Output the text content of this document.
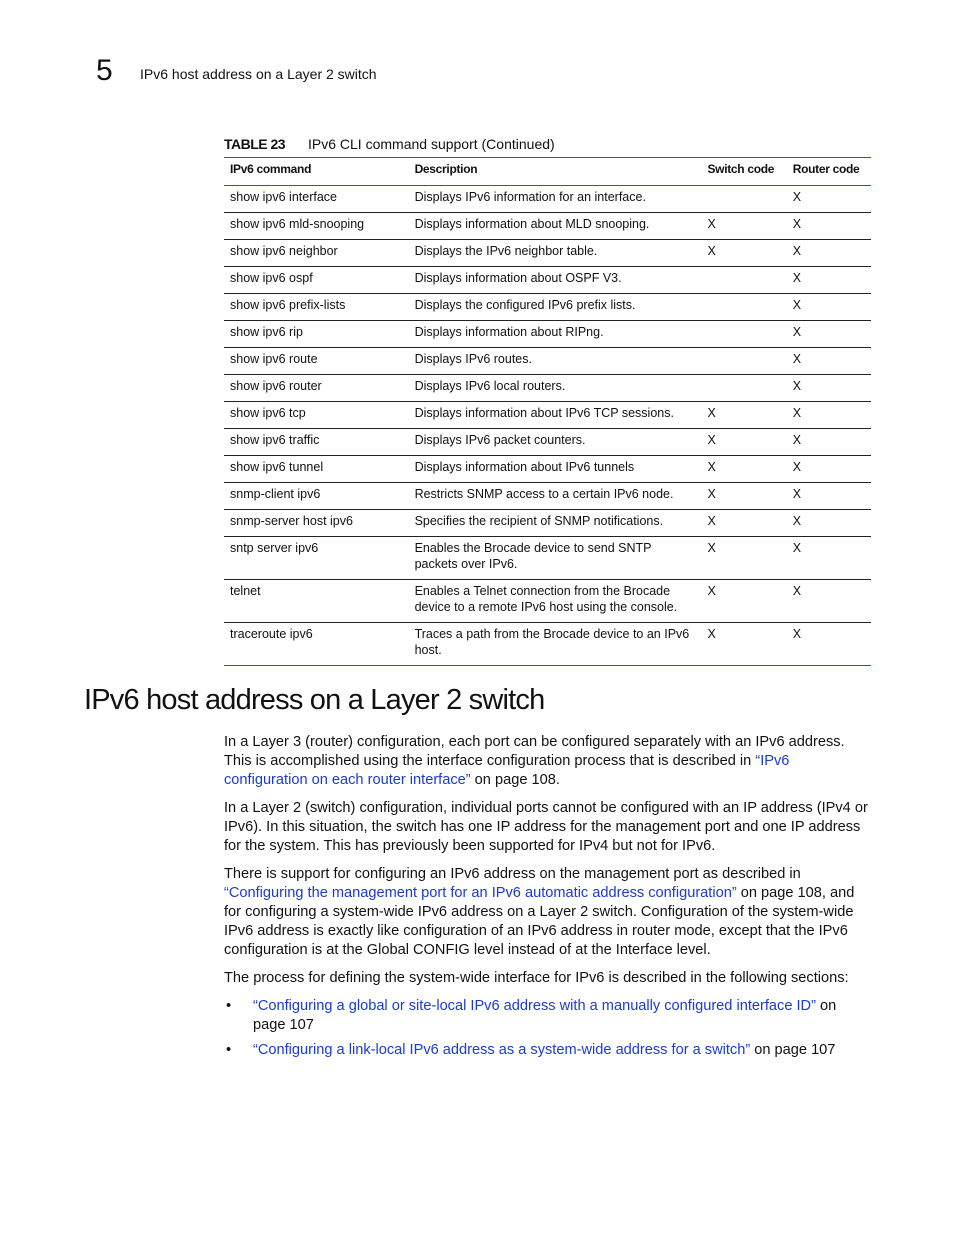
5 IPv6 host address on a Layer 2 switch
TABLE 23 IPv6 CLI command support (Continued)
IPv6 command	Description	Switch code	Router code
show ipv6 interface	Displays IPv6 information for an interface.		X
show ipv6 mld-snooping	Displays information about MLD snooping.	X	X
show ipv6 neighbor	Displays the IPv6 neighbor table.	X	X
show ipv6 ospf	Displays information about OSPF V3.		X
show ipv6 prefix-lists	Displays the configured IPv6 prefix lists.		X
show ipv6 rip	Displays information about RIPng.		X
show ipv6 route	Displays IPv6 routes.		X
show ipv6 router	Displays IPv6 local routers.		X
show ipv6 tcp	Displays information about IPv6 TCP sessions.	X	X
show ipv6 traffic	Displays IPv6 packet counters.	X	X
show ipv6 tunnel	Displays information about IPv6 tunnels	X	X
snmp-client ipv6	Restricts SNMP access to a certain IPv6 node.	X	X
snmp-server host ipv6	Specifies the recipient of SNMP notifications.	X	X
sntp server ipv6	Enables the Brocade device to send SNTP packets over IPv6.	X	X
telnet	Enables a Telnet connection from the Brocade device to a remote IPv6 host using the console.	X	X
traceroute ipv6	Traces a path from the Brocade device to an IPv6 host.	X	X
IPv6 host address on a Layer 2 switch

In a Layer 3 (router) configuration, each port can be configured separately with an IPv6 address. This is accomplished using the interface configuration process that is described in “IPv6 configuration on each router interface” on page 108.

In a Layer 2 (switch) configuration, individual ports cannot be configured with an IP address (IPv4 or IPv6). In this situation, the switch has one IP address for the management port and one IP address for the system. This has previously been supported for IPv4 but not for IPv6.

There is support for configuring an IPv6 address on the management port as described in “Configuring the management port for an IPv6 automatic address configuration” on page 108, and for configuring a system-wide IPv6 address on a Layer 2 switch. Configuration of the system-wide IPv6 address is exactly like configuration of an IPv6 address in router mode, except that the IPv6 configuration is at the Global CONFIG level instead of at the Interface level.

The process for defining the system-wide interface for IPv6 is described in the following sections:

• “Configuring a global or site-local IPv6 address with a manually configured interface ID” on page 107
• “Configuring a link-local IPv6 address as a system-wide address for a switch” on page 107
